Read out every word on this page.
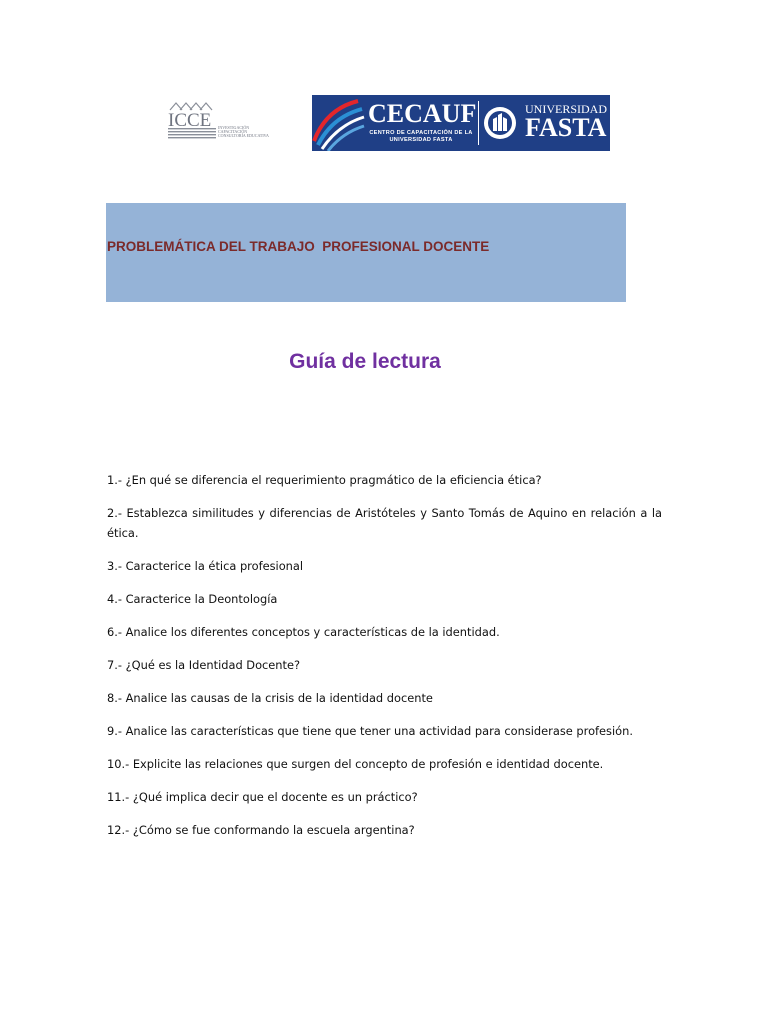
ICCE INVESTIGACIÓN
CAPACITACIÓN
CONSULTORÍA EDUCATIVA
CECAUF
CENTRO DE CAPACITACIÓN DE LA UNIVERSIDAD FASTA
UNIVERSIDAD
FASTA
PROBLEMÁTICA DEL TRABAJO  PROFESIONAL DOCENTE
Guía de lectura

1.- ¿En qué se diferencia el requerimiento pragmático de la eficiencia ética?

2.- Establezca similitudes y diferencias de Aristóteles y Santo Tomás de Aquino en relación a la ética.

3.- Caracterice la ética profesional

4.- Caracterice la Deontología

6.- Analice los diferentes conceptos y características de la identidad.

7.- ¿Qué es la Identidad Docente?

8.- Analice las causas de la crisis de la identidad docente

9.- Analice las características que tiene que tener una actividad para considerase profesión.

10.- Explicite las relaciones que surgen del concepto de profesión e identidad docente.

11.- ¿Qué implica decir que el docente es un práctico?

12.- ¿Cómo se fue conformando la escuela argentina?
